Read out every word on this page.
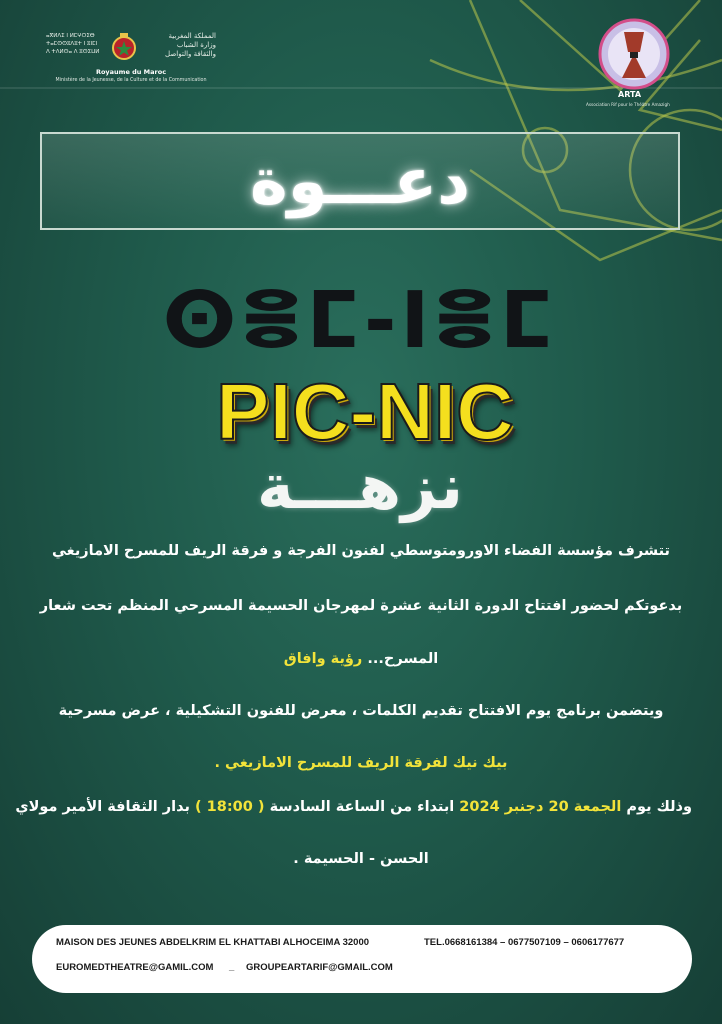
ⴰⴳⵍⴷⵉ ⵏ ⵍⵎⵖⵔⵉⴱ
ⵜⴰⵎⵙⵙⵓⴷⵓⵜ ⵏ ⵓⵏⵎⵏ
ⴷ ⵜⴷⵍⵙⴰ ⴷ ⵓⵙⵉⵡⵍ
المملكة المغربية
وزارة الشباب
والثقافة والتواصل
Royaume du Maroc
Ministère de la Jeunesse, de la Culture et de la Communication
ARTA
Association Rif pour le Théâtre Amazigh
دعـــوة
ⵙⴻⵎ-ⵏⴻⵎ
PIC-NIC
نزهـــة
تتشرف مؤسسة الفضاء الاورومتوسطي لفنون الفرجة و فرقة الريف للمسرح الامازيغي
بدعوتكم لحضور افتتاح الدورة الثانية عشرة لمهرجان الحسيمة المسرحي المنظم تحت شعار
المسرح... رؤية وافاق
ويتضمن برنامج يوم الافتتاح تقديم الكلمات ، معرض للفنون التشكيلية ، عرض مسرحية
بيك نيك لفرقة الريف للمسرح الامازيغي .
وذلك يوم الجمعة 20 دجنبر 2024 ابتداء من الساعة السادسة ( 18:00 ) بدار الثقافة الأمير مولاي
الحسن - الحسيمة .
MAISON DES JEUNES ABDELKRIM EL KHATTABI ALHOCEIMA 32000	TEL.0668161384 – 0677507109 – 0606177677
EUROMEDTHEATRE@GAMIL.COM _ GROUPEARTARIF@GMAIL.COM
